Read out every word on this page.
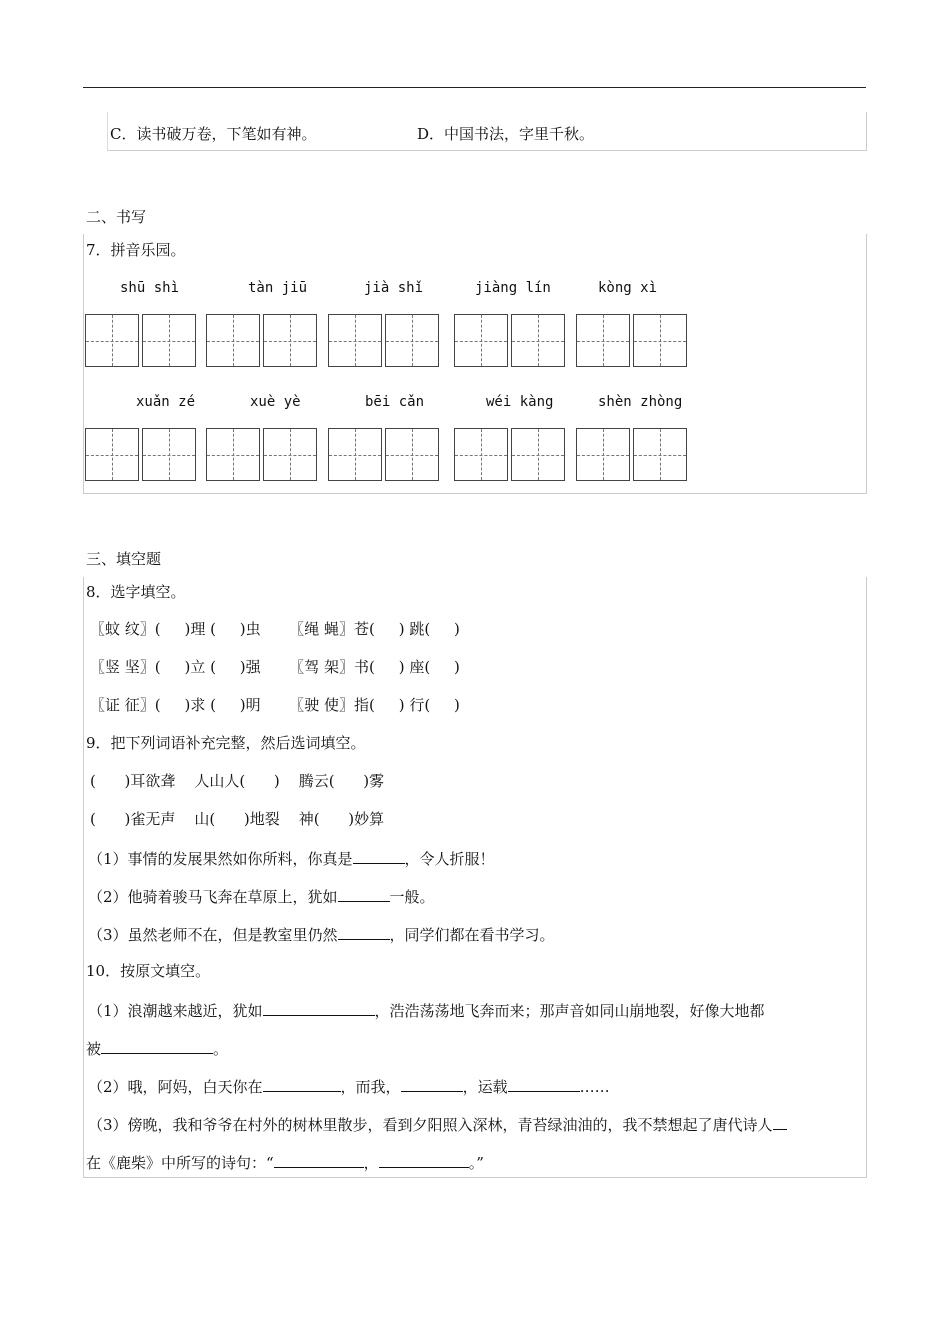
C．读书破万卷，下笔如有神。	D．中国书法，字里千秋。
二、书写
7．拼音乐园。
shū shì	tàn jiū	jià shǐ	jiàng lín	kòng xì
xuǎn zé	xuè yè	bēi cǎn	wéi kàng	shèn zhòng
三、填空题
8．选字填空。
〖蚊 纹〗(     )理 (     )虫      〖绳 蝇〗苍(     ) 跳(     )
〖竖 坚〗(     )立 (     )强      〖驾 架〗书(     ) 座(     )
〖证 征〗(     )求 (     )明      〖驶 使〗指(     ) 行(     )
9．把下列词语补充完整，然后选词填空。
(      )耳欲聋    人山人(      )    腾云(      )雾
(      )雀无声    山(      )地裂    神(      )妙算
（1）事情的发展果然如你所料，你真是	，令人折服！
（2）他骑着骏马飞奔在草原上，犹如	一般。
（3）虽然老师不在，但是教室里仍然	，同学们都在看书学习。
10．按原文填空。
（1）浪潮越来越近，犹如	，浩浩荡荡地飞奔而来；那声音如同山崩地裂，好像大地都
被	。
（2）哦，阿妈，白天你在	，而我，	，运载	……
（3）傍晚，我和爷爷在村外的树林里散步，看到夕阳照入深林，青苔绿油油的，我不禁想起了唐代诗人
在《鹿柴》中所写的诗句：“	，	。”
